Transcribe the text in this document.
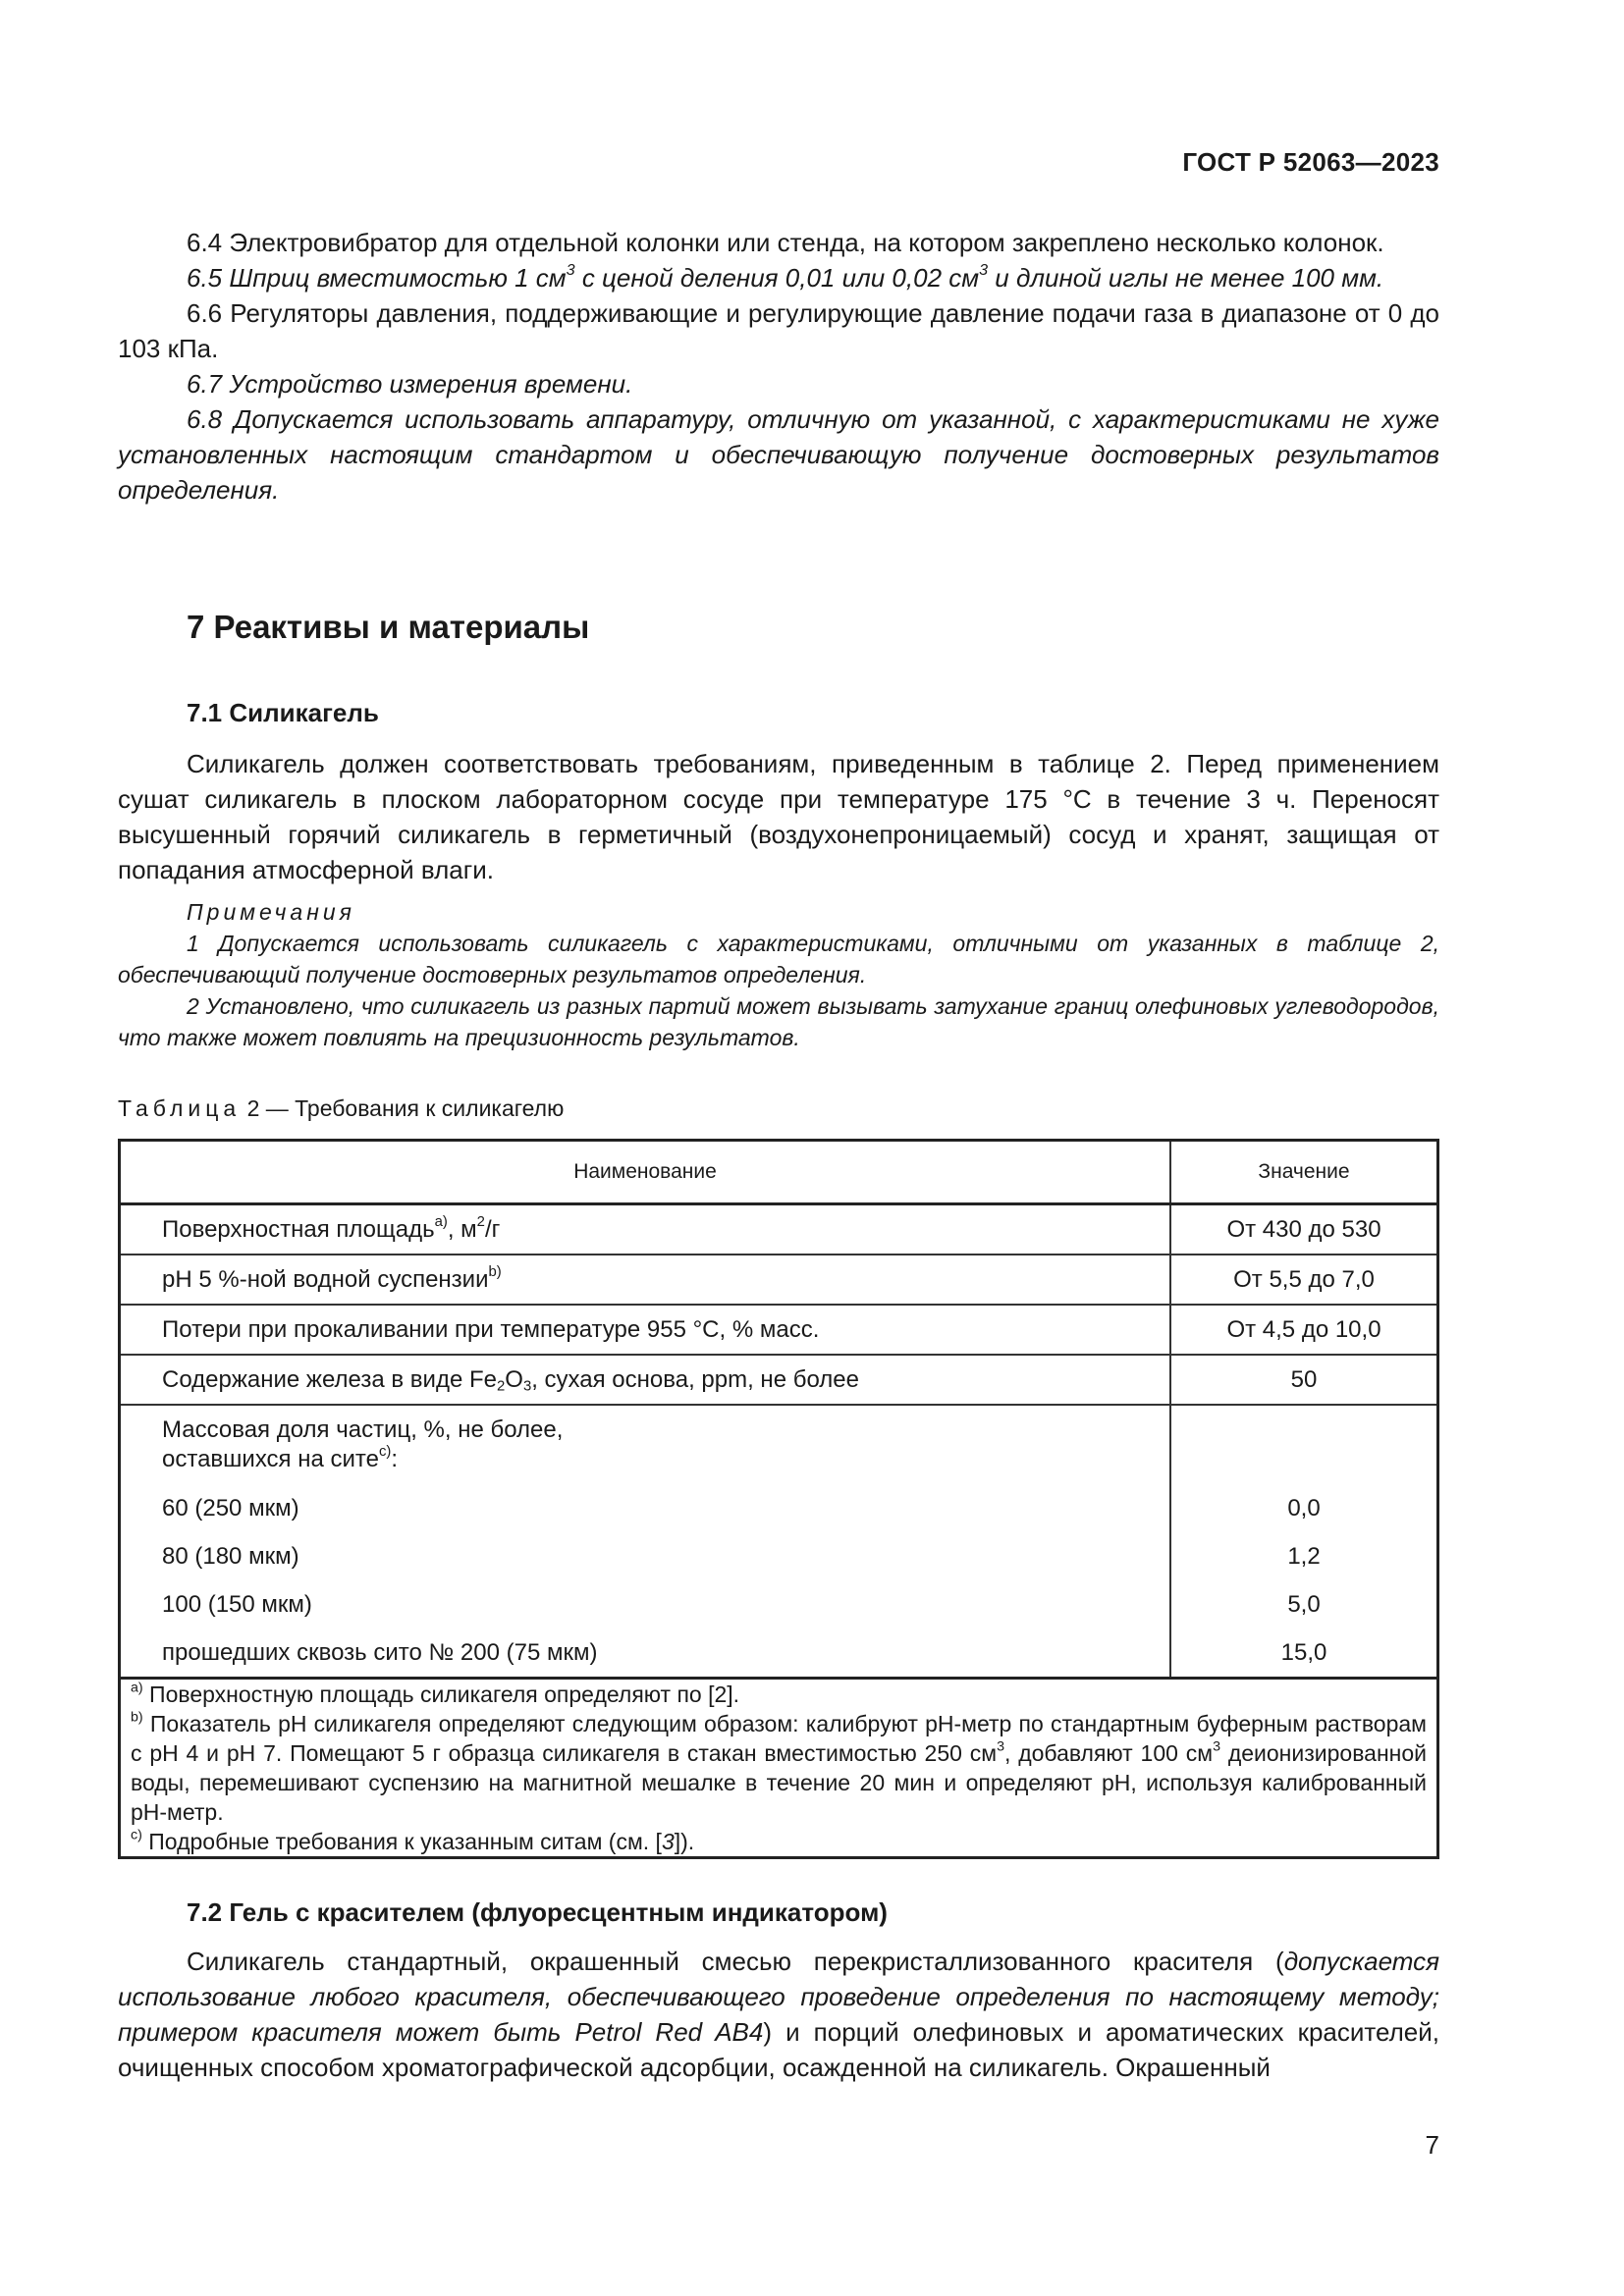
ГОСТ Р 52063—2023

6.4 Электровибратор для отдельной колонки или стенда, на котором закреплено несколько колонок.

6.5 Шприц вместимостью 1 $см^3$ с ценой деления 0,01 или 0,02 $см^3$ и длиной иглы не менее 100 мм.

6.6 Регуляторы давления, поддерживающие и регулирующие давление подачи газа в диапазоне от 0 до 103 кПа.

6.7 Устройство измерения времени.

6.8 Допускается использовать аппаратуру, отличную от указанной, с характеристиками не хуже установленных настоящим стандартом и обеспечивающую получение достоверных результатов определения.

7 Реактивы и материалы
7.1 Силикагель

Силикагель должен соответствовать требованиям, приведенным в таблице 2. Перед применением сушат силикагель в плоском лабораторном сосуде при температуре 175 °С в течение 3 ч. Переносят высушенный горячий силикагель в герметичный (воздухонепроницаемый) сосуд и хранят, защищая от попадания атмосферной влаги.

Примечания

1 Допускается использовать силикагель с характеристиками, отличными от указанных в таблице 2, обеспечивающий получение достоверных результатов определения.

2 Установлено, что силикагель из разных партий может вызывать затухание границ олефиновых углеводородов, что также может повлиять на прецизионность результатов.

Таблица 2 — Требования к силикагелю
Наименование	Значение
Поверхностная площадь$^{а)}$, $м^2/г$	От 430 до 530
рН 5 %-ной водной суспензии$^{b)}$	От 5,5 до 7,0
Потери при прокаливании при температуре 955 °С, % масс.	От 4,5 до 10,0
Содержание железа в виде $Fe_2O_3$, сухая основа, ppm, не более	50
Массовая доля частиц, %, не более,
оставшихся на сите$^{с)}$:	
60 (250 мкм)	0,0
80 (180 мкм)	1,2
100 (150 мкм)	5,0
прошедших сквозь сито № 200 (75 мкм)	15,0

$^{а)}$ Поверхностную площадь силикагеля определяют по [2].
$^{b)}$ Показатель рН силикагеля определяют следующим образом: калибруют рН-метр по стандартным буферным растворам с рН 4 и рН 7. Помещают 5 г образца силикагеля в стакан вместимостью 250 $см^3$, добавляют 100 $см^3$ деионизированной воды, перемешивают суспензию на магнитной мешалке в течение 20 мин и определяют рН, используя калиброванный рН-метр.
$^{с)}$ Подробные требования к указанным ситам (см. [3]).	
7.2 Гель с красителем (флуоресцентным индикатором)

Силикагель стандартный, окрашенный смесью перекристаллизованного красителя (допускается использование любого красителя, обеспечивающего проведение определения по настоящему методу; примером красителя может быть Petrol Red AB4) и порций олефиновых и ароматических красителей, очищенных способом хроматографической адсорбции, осажденной на силикагель. Окрашенный

7
